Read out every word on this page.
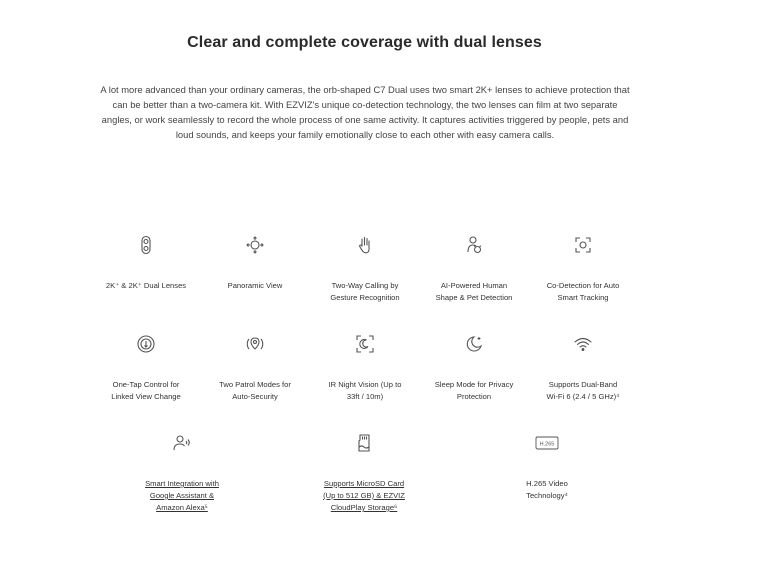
Clear and complete coverage with dual lenses
A lot more advanced than your ordinary cameras, the orb-shaped C7 Dual uses two smart 2K+ lenses to achieve protection that can be better than a two-camera kit. With EZVIZ's unique co-detection technology, the two lenses can film at two separate angles, or work seamlessly to record the whole process of one same activity. It captures activities triggered by people, pets and loud sounds, and keeps your family emotionally close to each other with easy camera calls.
2K⁺ & 2K⁺ Dual Lenses	Panoramic View	Two-Way Calling by
Gesture Recognition
AI-Powered Human
Shape & Pet Detection
Co-Detection for Auto
Smart Tracking
One-Tap Control for
Linked View Change
Two Patrol Modes for
Auto-Security
IR Night Vision (Up to
33ft / 10m)
Sleep Mode for Privacy
Protection
Supports Dual-Band
Wi-Fi 6 (2.4 / 5 GHz)⁴
Smart Integration with
Google Assistant &
Amazon Alexa⁵
Supports MicroSD Card
(Up to 512 GB) & EZVIZ
CloudPlay Storage⁶
H.265
H.265 Video
Technology⁴
